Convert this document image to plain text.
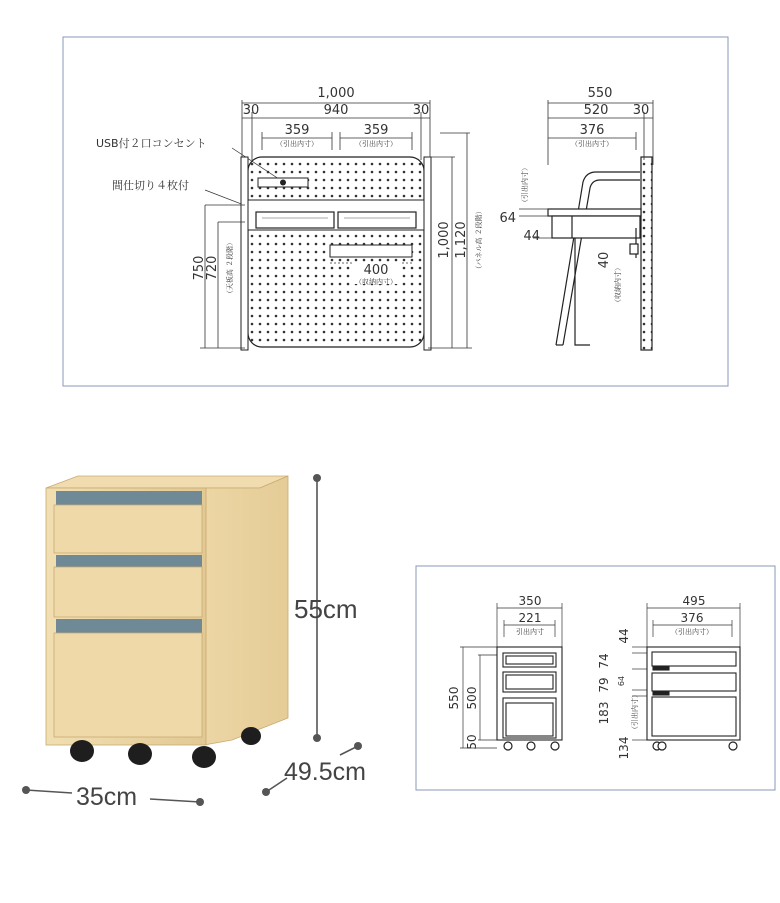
1,000
30	940	30
359	359
（引出内寸）	（引出内寸）
USB付２口コンセント
間仕切り４枚付
400
（収納内寸）
750
720 （天板高 ２段階）	1,000 1,120 （パネル高 ２段階）
550
520 30
376
（引出内寸）
64
44
（引出内寸）
40
（収納内寸）
55cm
49.5cm
35cm
350
221
引出内寸
550 500
50
495
376
（引出内寸）
44
74
79 64
183
134
（引出内寸）
